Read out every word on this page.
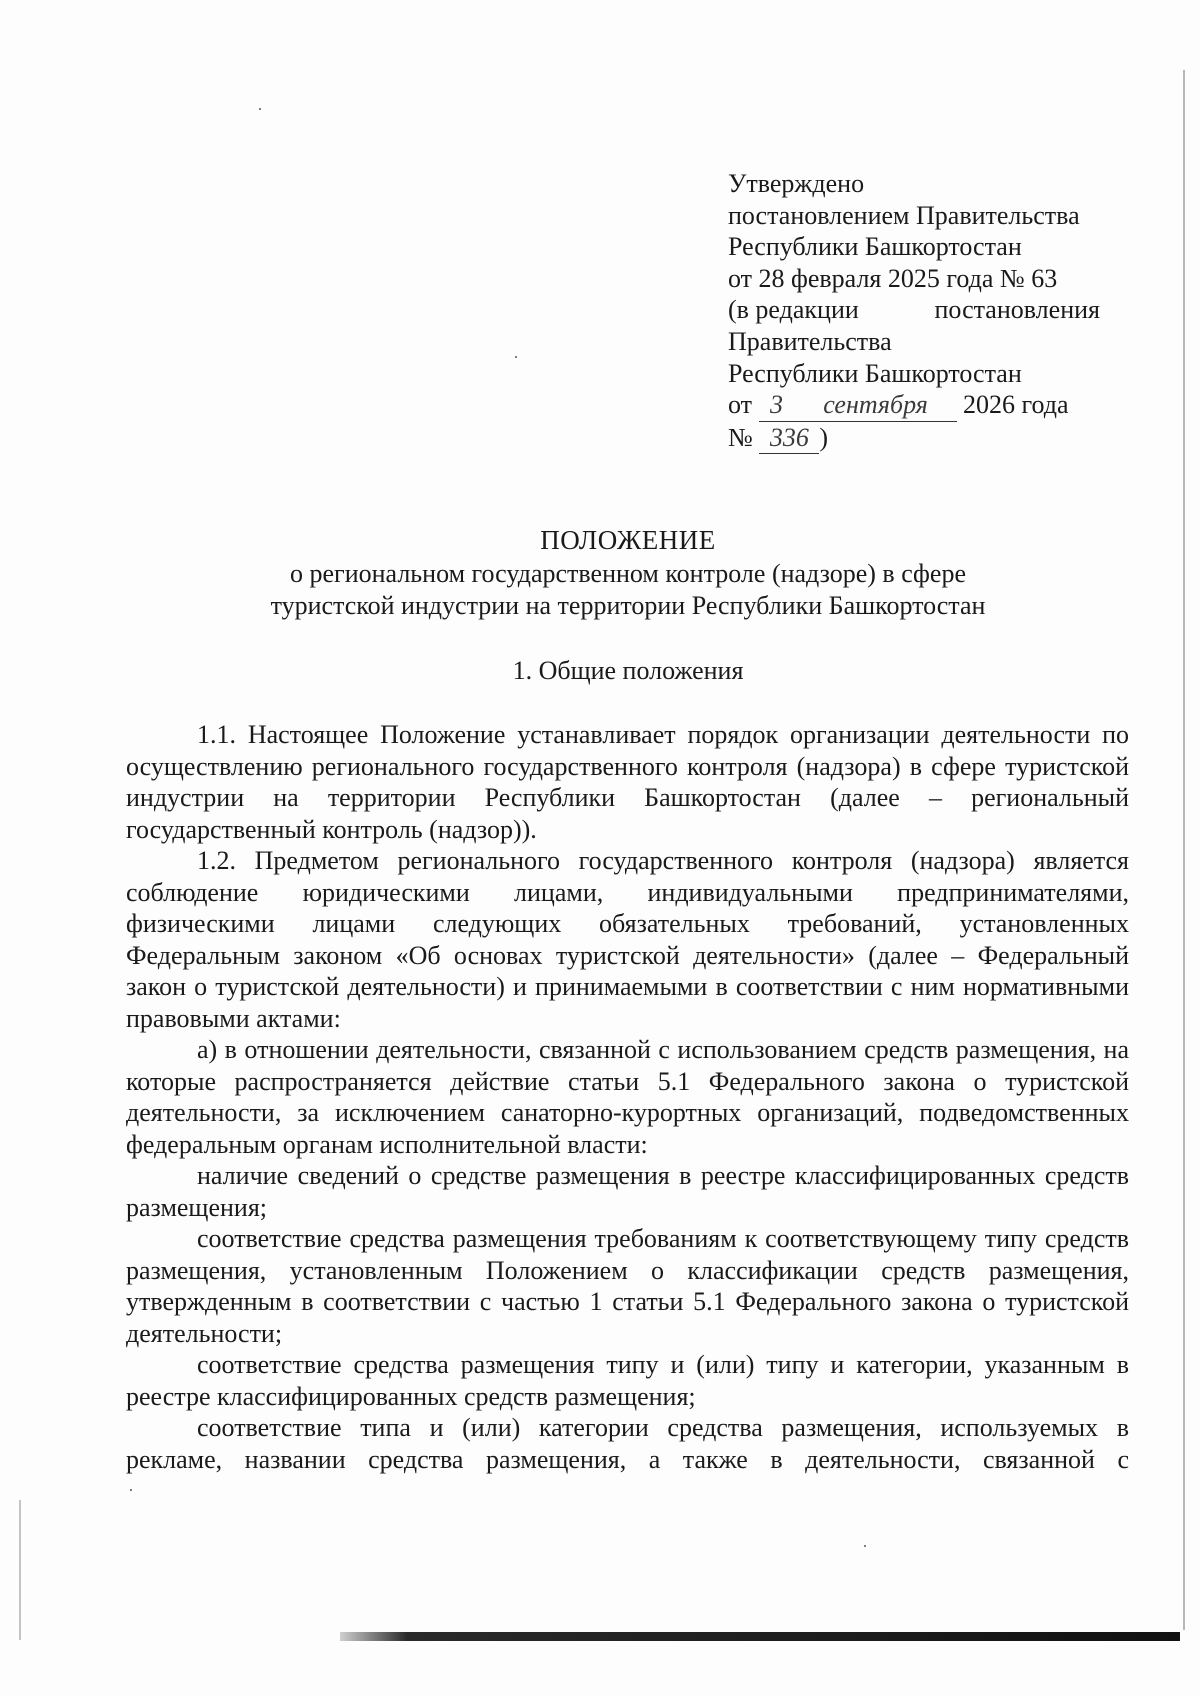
Утверждено
постановлением Правительства
Республики Башкортостан
от 28 февраля 2025 года № 63
(в редакции	постановления
Правительства
Республики Башкортостан
от 3 сентября 2026 года
№ 336 )
ПОЛОЖЕНИЕ
о региональном государственном контроле (надзоре) в сфере
туристской индустрии на территории Республики Башкортостан
1. Общие положения

1.1. Настоящее Положение устанавливает порядок организации деятельности по осуществлению регионального государственного контроля (надзора) в сфере туристской индустрии на территории Республики Башкортостан (далее – региональный государственный контроль (надзор)).

1.2. Предметом регионального государственного контроля (надзора) является соблюдение юридическими лицами, индивидуальными предпринимателями, физическими лицами следующих обязательных требований, установленных Федеральным законом «Об основах туристской деятельности» (далее – Федеральный закон о туристской деятельности) и принимаемыми в соответствии с ним нормативными правовыми актами:

а) в отношении деятельности, связанной с использованием средств размещения, на которые распространяется действие статьи 5.1 Федерального закона о туристской деятельности, за исключением санаторно-курортных организаций, подведомственных федеральным органам исполнительной власти:

наличие сведений о средстве размещения в реестре классифицированных средств размещения;

соответствие средства размещения требованиям к соответствующему типу средств размещения, установленным Положением о классификации средств размещения, утвержденным в соответствии с частью 1 статьи 5.1 Федерального закона о туристской деятельности;

соответствие средства размещения типу и (или) типу и категории, указанным в реестре классифицированных средств размещения;

соответствие типа и (или) категории средства размещения, используемых в рекламе, названии средства размещения, а также в деятельности, связанной с
